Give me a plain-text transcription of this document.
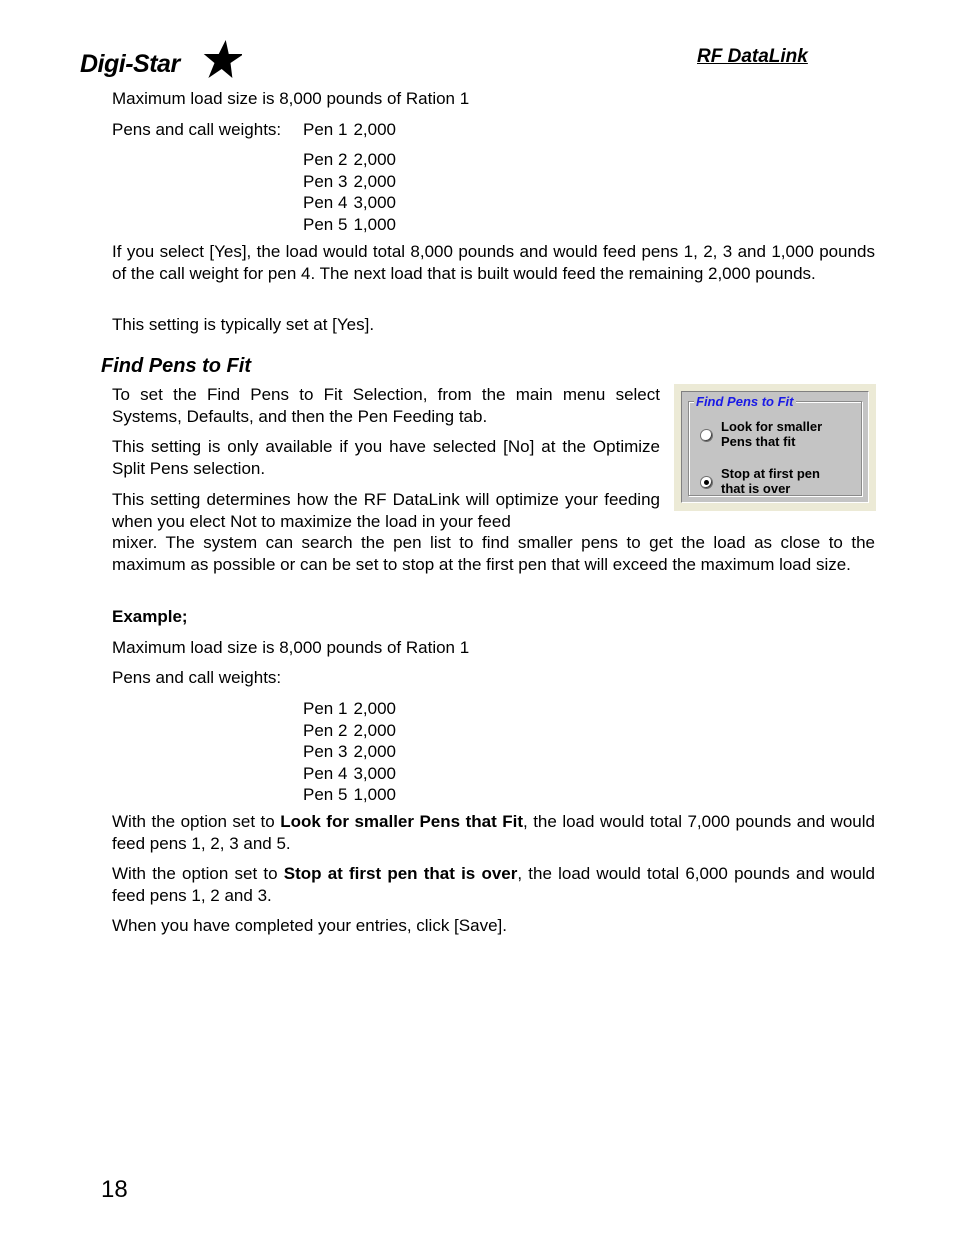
Digi-Star	RF DataLink

Maximum load size is 8,000 pounds of Ration 1

Pens and call weights:	Pen 1 2,000
Pen 2 2,000
Pen 3 2,000
Pen 4 3,000
Pen 5 1,000

If you select [Yes], the load would total 8,000 pounds and would feed pens 1, 2, 3 and 1,000 pounds of the call weight for pen 4. The next load that is built would feed the remaining 2,000 pounds.

This setting is typically set at [Yes].

Find Pens to Fit

To set the Find Pens to Fit Selection, from the main menu select Systems, Defaults, and then the Pen Feeding tab.

This setting is only available if you have selected [No] at the Optimize Split Pens selection.

This setting determines how the RF DataLink will optimize your feeding when you elect Not to maximize the load in your feed

mixer. The system can search the pen list to find smaller pens to get the load as close to the maximum as possible or can be set to stop at the first pen that will exceed the maximum load size.

Find Pens to Fit
Look for smaller
Pens that fit
Stop at first pen
that is over

Example;

Maximum load size is 8,000 pounds of Ration 1

Pens and call weights:

Pen 1 2,000
Pen 2 2,000
Pen 3 2,000
Pen 4 3,000
Pen 5 1,000

With the option set to Look for smaller Pens that Fit, the load would total 7,000 pounds and would feed pens 1, 2, 3 and 5.

With the option set to Stop at first pen that is over, the load would total 6,000 pounds and would feed pens 1, 2 and 3.

When you have completed your entries, click [Save].

18
